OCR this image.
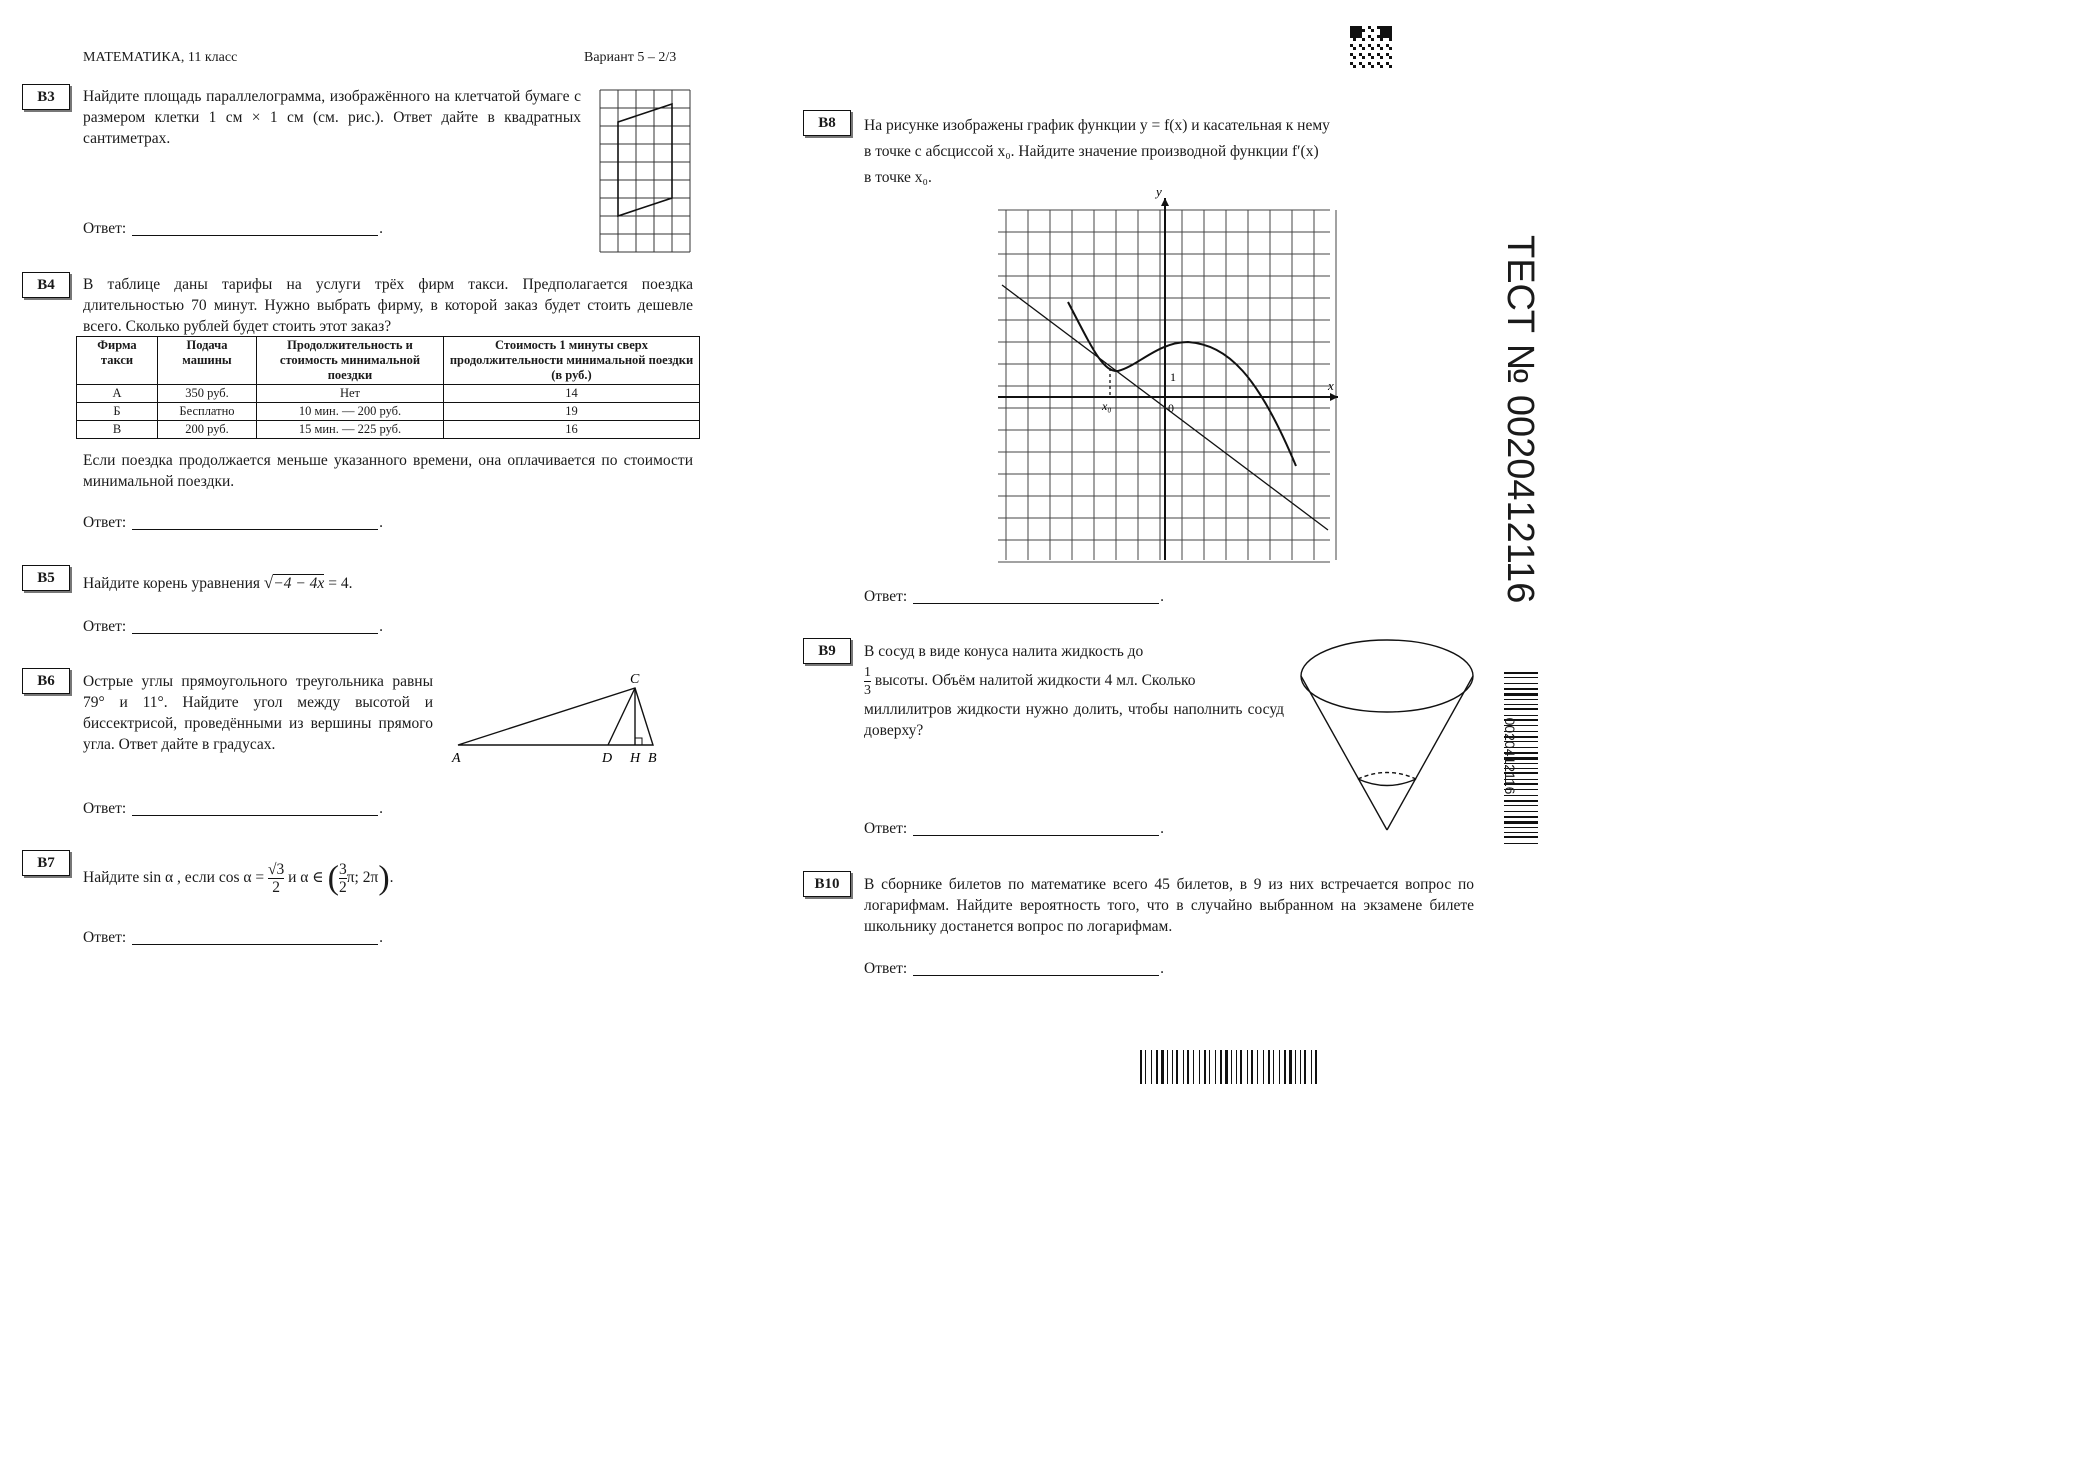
МАТЕМАТИКА, 11 класс	Вариант 5 – 2/3
B3	Найдите площадь параллелограмма, изображённого на клетчатой бумаге с размером клетки 1 см × 1 см (см. рис.). Ответ дайте в квадратных сантиметрах.
Ответ:	.
B4	В таблице даны тарифы на услуги трёх фирм такси. Предполагается поездка длительностью 70 минут. Нужно выбрать фирму, в которой заказ будет стоить дешевле всего. Сколько рублей будет стоить этот заказ?
Фирма такси	Подача машины	Продолжительность и стоимость минимальной поездки	Стоимость 1 минуты сверх продолжительности минимальной поездки (в руб.)
А	350 руб.	Нет	14
Б	Бесплатно	10 мин. — 200 руб.	19
В	200 руб.	15 мин. — 225 руб.	16
Если поездка продолжается меньше указанного времени, она оплачивается по стоимости минимальной поездки.
Ответ:	.
B5	Найдите корень уравнения √−4 − 4x = 4.
Ответ:	.
B6	Острые углы прямоугольного треугольника равны 79° и 11°. Найдите угол между высотой и биссектрисой, проведёнными из вершины прямого угла. Ответ дайте в градусах.
A
C
D H B
Ответ:	.
B7
Найдите sin α , если $\cos \alpha = \frac{√3}{2}$ и α ∈ ( $\frac{3}{2} \pi$; 2π).
Ответ:	.
B8	На рисунке изображены график функции y = f(x) и касательная к нему
в точке с абсциссой x₀. Найдите значение производной функции f′(x)
в точке x₀.
y
x
x₀	0
1
Ответ:	.
B9	В сосуд в виде конуса налита жидкость до
$\frac{1}{3}$ высоты. Объём налитой жидкости 4 мл. Сколько
миллилитров жидкости нужно долить, чтобы наполнить сосуд доверху?
Ответ:	.
B10	В сборнике билетов по математике всего 45 билетов, в 9 из них встречается вопрос по логарифмам. Найдите вероятность того, что в случайно выбранном на экзамене билете школьнику достанется вопрос по логарифмам.
Ответ:	.
ТЕСТ № 0020412116
0020412116
